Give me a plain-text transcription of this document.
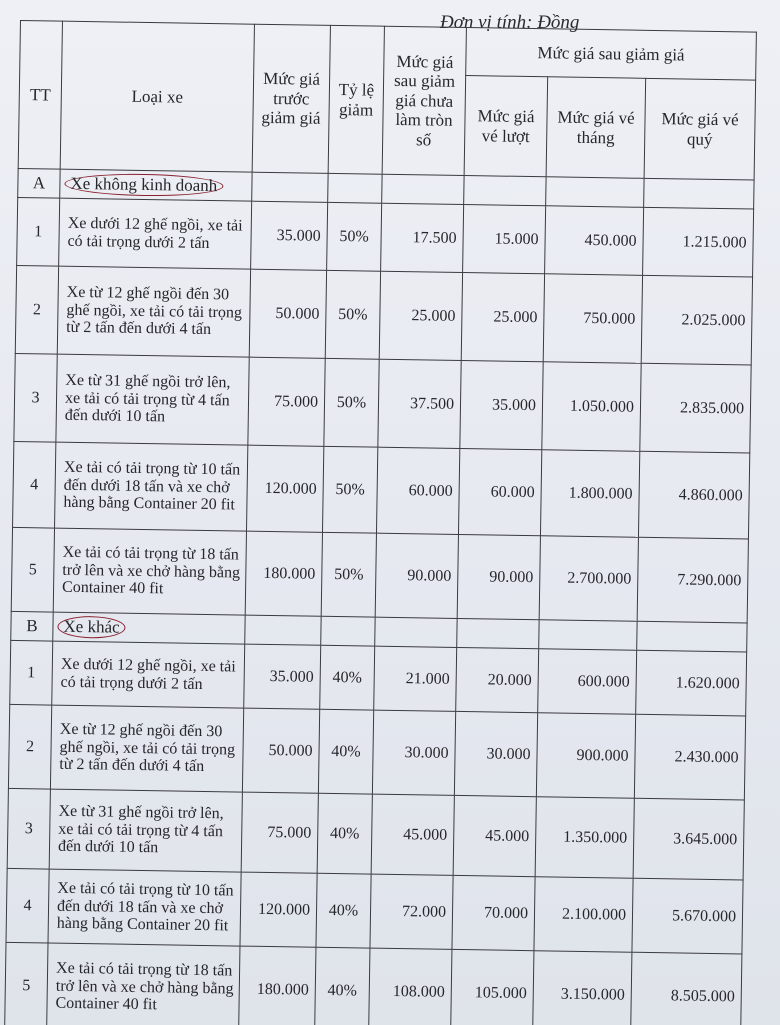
Đơn vị tính: Đồng
TT	Loại xe	Mức giá trước giảm giá	Tỷ lệ giảm	Mức giá sau giảm giá chưa làm tròn số	Mức giá sau giảm giá		
					Mức giá vé lượt	Mức giá vé tháng	Mức giá vé quý
A	Xe không kinh doanh						
1	Xe dưới 12 ghế ngồi, xe tải có tải trọng dưới 2 tấn	35.000	50%	17.500	15.000	450.000	1.215.000
2	Xe từ 12 ghế ngồi đến 30 ghế ngồi, xe tải có tải trọng từ 2 tấn đến dưới 4 tấn	50.000	50%	25.000	25.000	750.000	2.025.000
3	Xe từ 31 ghế ngồi trở lên, xe tải có tải trọng từ 4 tấn đến dưới 10 tấn	75.000	50%	37.500	35.000	1.050.000	2.835.000
4	Xe tải có tải trọng từ 10 tấn đến dưới 18 tấn và xe chở hàng bằng Container 20 fit	120.000	50%	60.000	60.000	1.800.000	4.860.000
5	Xe tải có tải trọng từ 18 tấn trở lên và xe chở hàng bằng Container 40 fit	180.000	50%	90.000	90.000	2.700.000	7.290.000
B	Xe khác						
1	Xe dưới 12 ghế ngồi, xe tải có tải trọng dưới 2 tấn	35.000	40%	21.000	20.000	600.000	1.620.000
2	Xe từ 12 ghế ngồi đến 30 ghế ngồi, xe tải có tải trọng từ 2 tấn đến dưới 4 tấn	50.000	40%	30.000	30.000	900.000	2.430.000
3	Xe từ 31 ghế ngồi trở lên, xe tải có tải trọng từ 4 tấn đến dưới 10 tấn	75.000	40%	45.000	45.000	1.350.000	3.645.000
4	Xe tải có tải trọng từ 10 tấn đến dưới 18 tấn và xe chở hàng bằng Container 20 fit	120.000	40%	72.000	70.000	2.100.000	5.670.000
5	Xe tải có tải trọng từ 18 tấn trở lên và xe chở hàng bằng Container 40 fit	180.000	40%	108.000	105.000	3.150.000	8.505.000
